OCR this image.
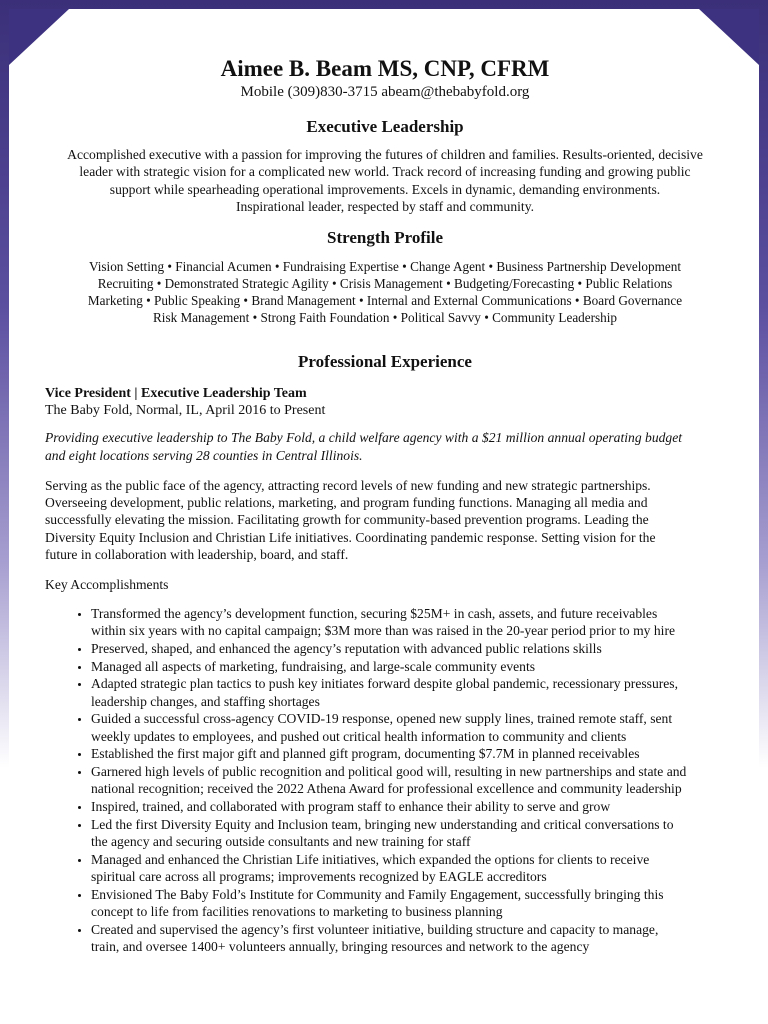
Aimee B. Beam MS, CNP, CFRM

Mobile (309)830-3715 abeam@thebabyfold.org

Executive Leadership
Accomplished executive with a passion for improving the futures of children and families. Results-oriented, decisive
leader with strategic vision for a complicated new world. Track record of increasing funding and growing public
support while spearheading operational improvements. Excels in dynamic, demanding environments.
Inspirational leader, respected by staff and community.
Strength Profile
Vision Setting • Financial Acumen • Fundraising Expertise • Change Agent • Business Partnership Development
Recruiting • Demonstrated Strategic Agility • Crisis Management • Budgeting/Forecasting • Public Relations
Marketing • Public Speaking • Brand Management • Internal and External Communications • Board Governance
Risk Management • Strong Faith Foundation • Political Savvy • Community Leadership
Professional Experience

Vice President | Executive Leadership Team

The Baby Fold, Normal, IL, April 2016 to Present

Providing executive leadership to The Baby Fold, a child welfare agency with a $21 million annual operating budget
and eight locations serving 28 counties in Central Illinois.
Serving as the public face of the agency, attracting record levels of new funding and new strategic partnerships.
Overseeing development, public relations, marketing, and program funding functions. Managing all media and
successfully elevating the mission. Facilitating growth for community-based prevention programs. Leading the
Diversity Equity Inclusion and Christian Life initiatives. Coordinating pandemic response. Setting vision for the
future in collaboration with leadership, board, and staff.

Key Accomplishments

• Transformed the agency’s development function, securing $25M+ in cash, assets, and future receivables
within six years with no capital campaign; $3M more than was raised in the 20-year period prior to my hire
• Preserved, shaped, and enhanced the agency’s reputation with advanced public relations skills
• Managed all aspects of marketing, fundraising, and large-scale community events
• Adapted strategic plan tactics to push key initiates forward despite global pandemic, recessionary pressures,
leadership changes, and staffing shortages
• Guided a successful cross-agency COVID-19 response, opened new supply lines, trained remote staff, sent
weekly updates to employees, and pushed out critical health information to community and clients
• Established the first major gift and planned gift program, documenting $7.7M in planned receivables
• Garnered high levels of public recognition and political good will, resulting in new partnerships and state and
national recognition; received the 2022 Athena Award for professional excellence and community leadership
• Inspired, trained, and collaborated with program staff to enhance their ability to serve and grow
• Led the first Diversity Equity and Inclusion team, bringing new understanding and critical conversations to
the agency and securing outside consultants and new training for staff
• Managed and enhanced the Christian Life initiatives, which expanded the options for clients to receive
spiritual care across all programs; improvements recognized by EAGLE accreditors
• Envisioned The Baby Fold’s Institute for Community and Family Engagement, successfully bringing this
concept to life from facilities renovations to marketing to business planning
• Created and supervised the agency’s first volunteer initiative, building structure and capacity to manage,
train, and oversee 1400+ volunteers annually, bringing resources and network to the agency
